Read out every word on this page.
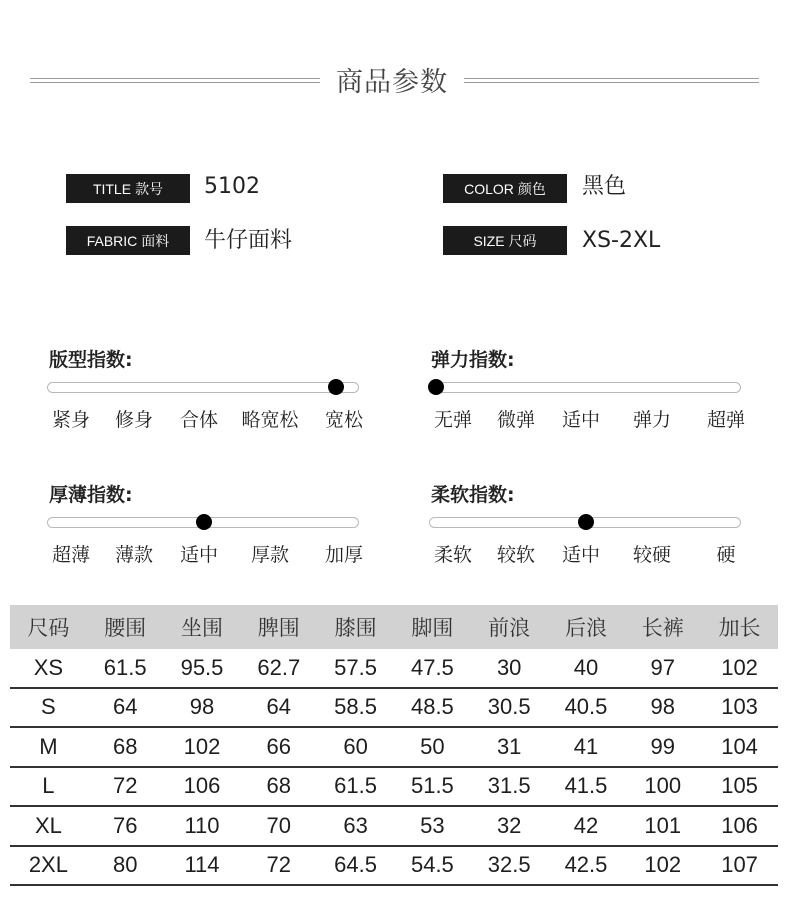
商品参数
TITLE 款号 5102
FABRIC 面料 牛仔面料
COLOR 颜色 黑色
SIZE 尺码 XS-2XL
版型指数:
紧身 修身 合体 略宽松 宽松
弹力指数:
无弹 微弹 适中 弹力 超弹
厚薄指数:
超薄 薄款 适中 厚款 加厚
柔软指数:
柔软 较软 适中 较硬 硬
尺码	腰围	坐围	脾围	膝围	脚围	前浪	后浪	长裤	加长
XS	61.5	95.5	62.7	57.5	47.5	30	40	97	102
S	64	98	64	58.5	48.5	30.5	40.5	98	103
M	68	102	66	60	50	31	41	99	104
L	72	106	68	61.5	51.5	31.5	41.5	100	105
XL	76	110	70	63	53	32	42	101	106
2XL	80	114	72	64.5	54.5	32.5	42.5	102	107
